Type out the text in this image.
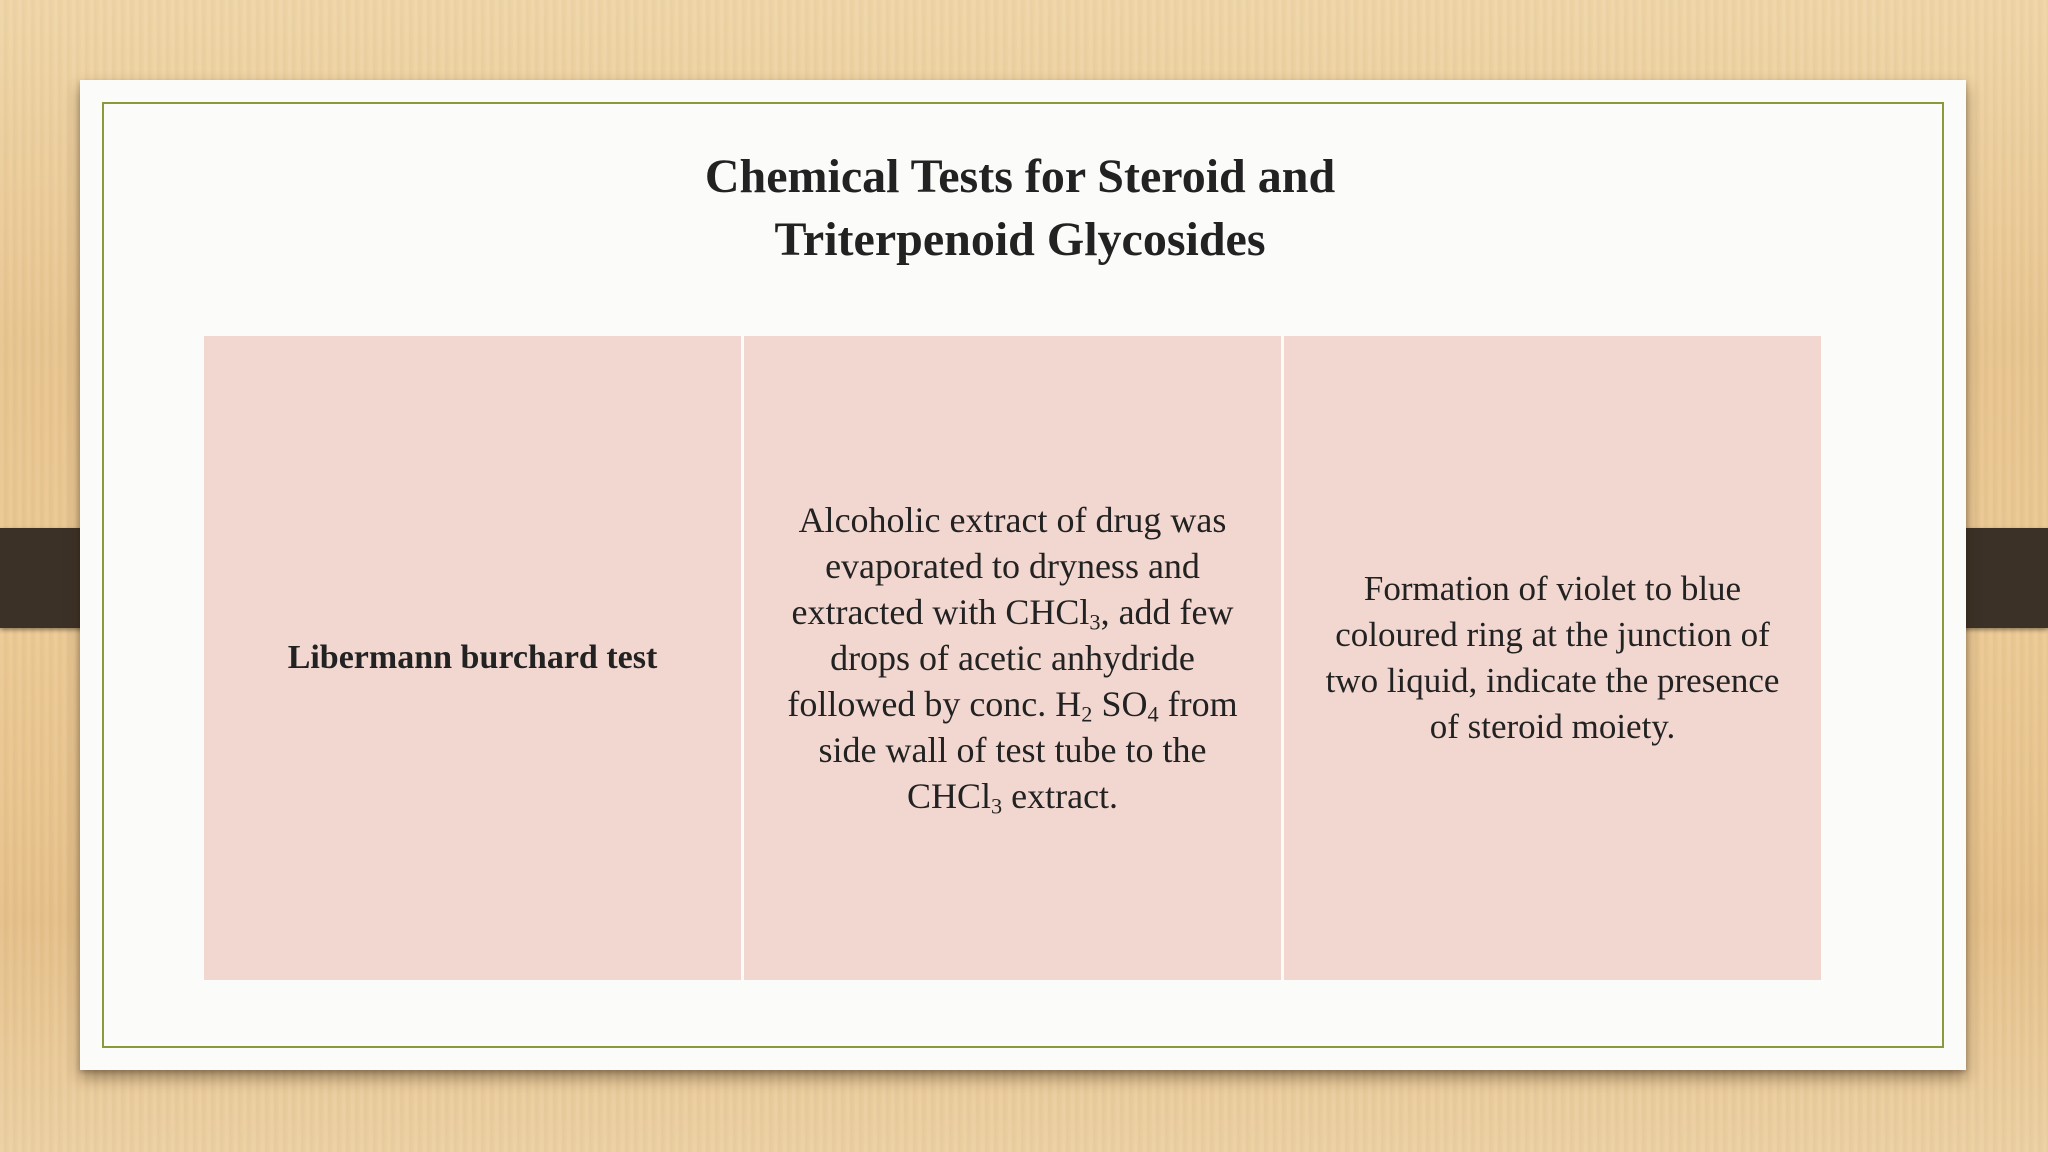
Chemical Tests for Steroid and
Triterpenoid Glycosides
Libermann burchard test
Alcoholic extract of drug was evaporated to dryness and extracted with CHCl$_3$, add few drops of acetic anhydride followed by conc. $H_2$ $SO_4$ from side wall of test tube to the CHCl$_3$ extract.
Formation of violet to blue coloured ring at the junction of two liquid, indicate the presence of steroid moiety.
